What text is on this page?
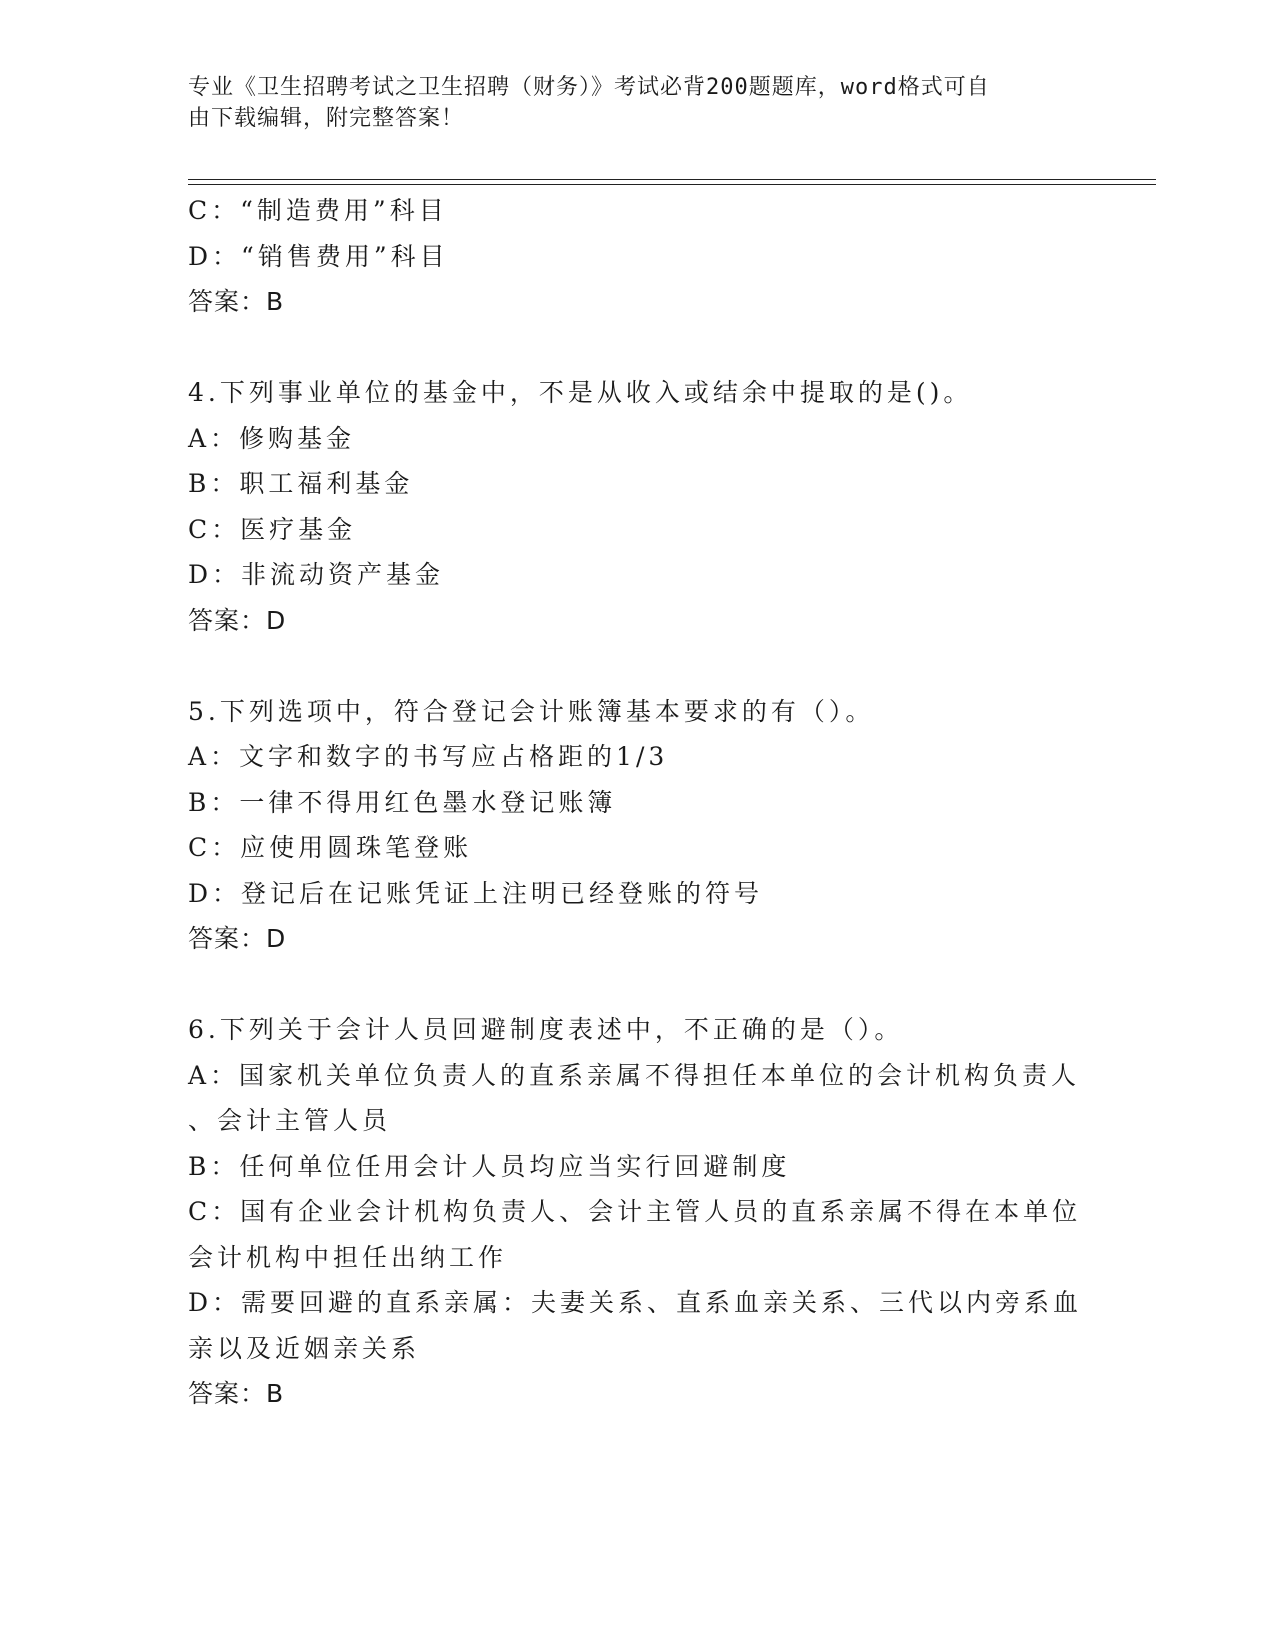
专业《卫生招聘考试之卫生招聘（财务）》考试必背200题题库，word格式可自
由下载编辑，附完整答案！
C：“制造费用”科目
D：“销售费用”科目
答案：B
4.下列事业单位的基金中，不是从收入或结余中提取的是()。
A：修购基金
B：职工福利基金
C：医疗基金
D：非流动资产基金
答案：D
5.下列选项中，符合登记会计账簿基本要求的有（）。
A：文字和数字的书写应占格距的1/3
B：一律不得用红色墨水登记账簿
C：应使用圆珠笔登账
D：登记后在记账凭证上注明已经登账的符号
答案：D
6.下列关于会计人员回避制度表述中，不正确的是（）。
A：国家机关单位负责人的直系亲属不得担任本单位的会计机构负责人
、会计主管人员
B：任何单位任用会计人员均应当实行回避制度
C：国有企业会计机构负责人、会计主管人员的直系亲属不得在本单位
会计机构中担任出纳工作
D：需要回避的直系亲属：夫妻关系、直系血亲关系、三代以内旁系血
亲以及近姻亲关系
答案：B
